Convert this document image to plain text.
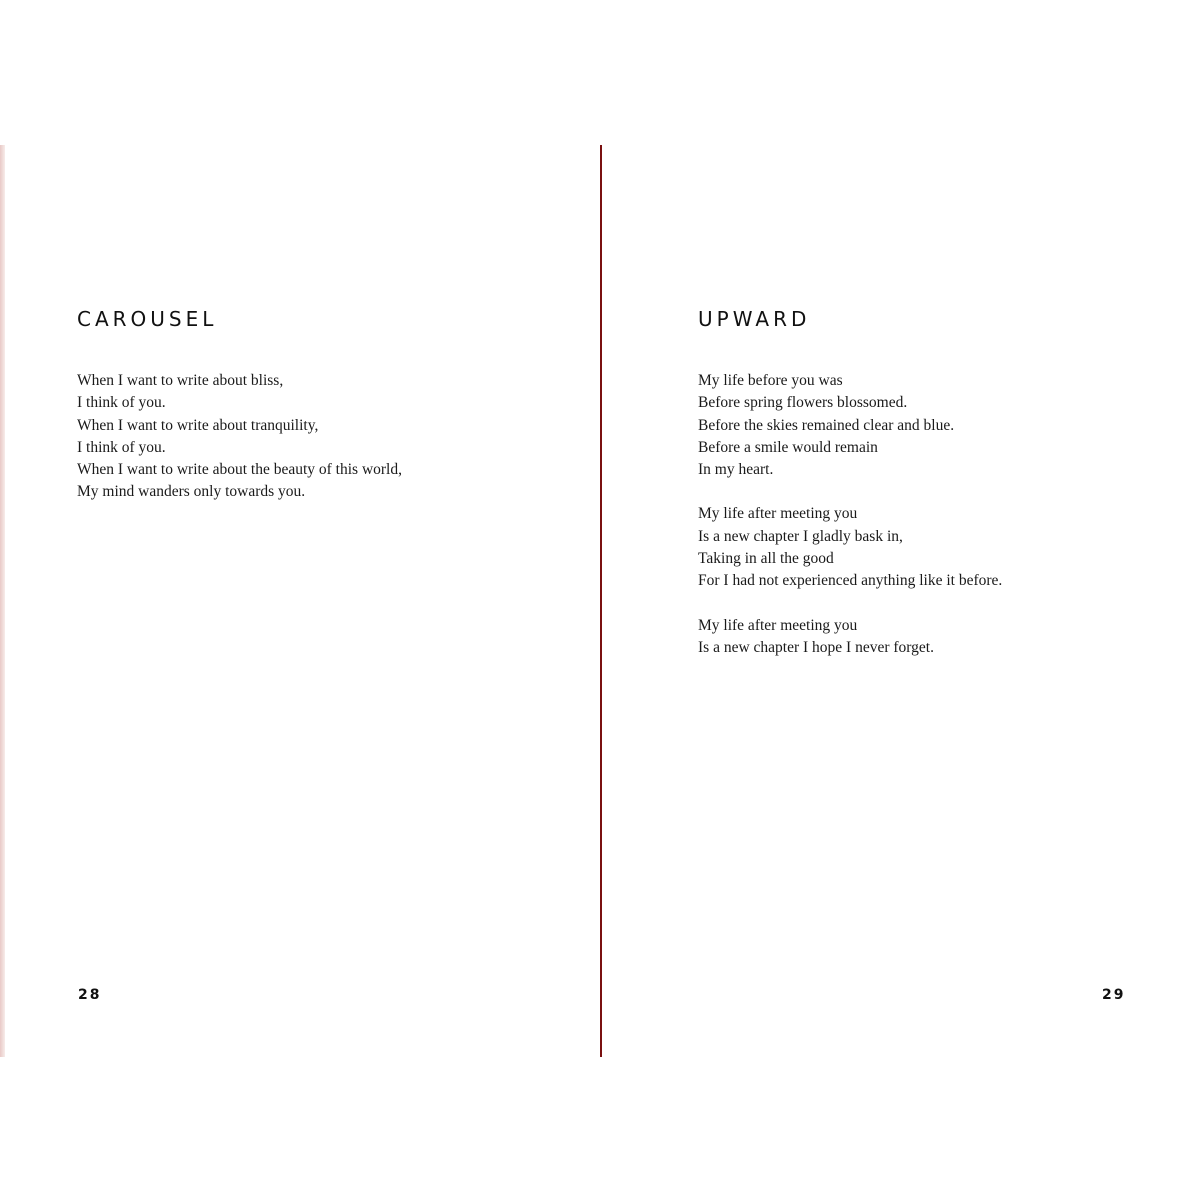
CAROUSEL

When I want to write about bliss,
I think of you.
When I want to write about tranquility,
I think of you.
When I want to write about the beauty of this world,
My mind wanders only towards you.

28
UPWARD

My life before you was
Before spring flowers blossomed.
Before the skies remained clear and blue.
Before a smile would remain
In my heart.

My life after meeting you
Is a new chapter I gladly bask in,
Taking in all the good
For I had not experienced anything like it before.

My life after meeting you
Is a new chapter I hope I never forget.

29
